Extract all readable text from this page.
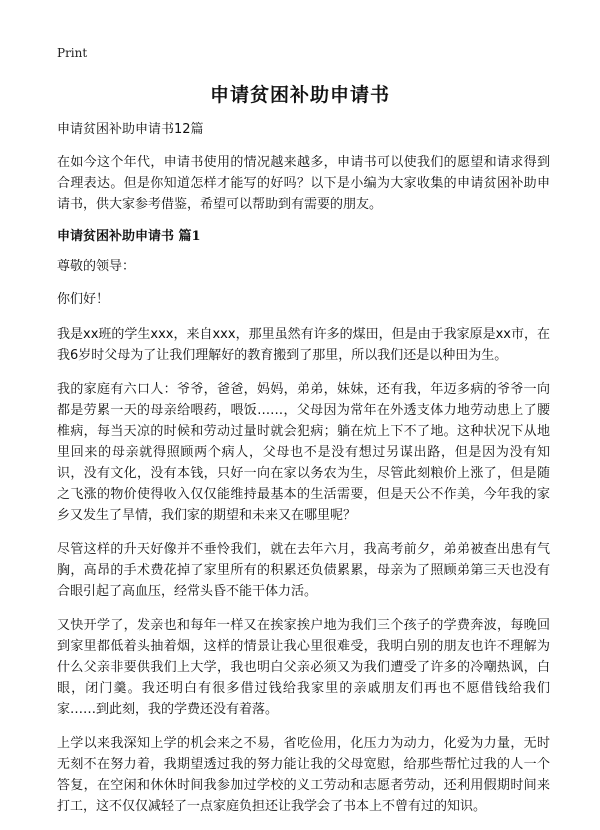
Print
申请贫困补助申请书

申请贫困补助申请书12篇

在如今这个年代，申请书使用的情况越来越多，申请书可以使我们的愿望和请求得到合理表达。但是你知道怎样才能写的好吗？以下是小编为大家收集的申请贫困补助申请书，供大家参考借鉴，希望可以帮助到有需要的朋友。

申请贫困补助申请书 篇1

尊敬的领导：

你们好！

我是xx班的学生xxx，来自xxx，那里虽然有许多的煤田，但是由于我家原是xx市，在我6岁时父母为了让我们理解好的教育搬到了那里，所以我们还是以种田为生。

我的家庭有六口人：爷爷，爸爸，妈妈，弟弟，妹妹，还有我，年迈多病的爷爷一向都是劳累一天的母亲给喂药，喂饭……，父母因为常年在外透支体力地劳动患上了腰椎病，每当天凉的时候和劳动过量时就会犯病；躺在炕上下不了地。这种状况下从地里回来的母亲就得照顾两个病人，父母也不是没有想过另谋出路，但是因为没有知识，没有文化，没有本钱，只好一向在家以务农为生，尽管此刻粮价上涨了，但是随之飞涨的物价使得收入仅仅能维持最基本的生活需要，但是天公不作美，今年我的家乡又发生了旱情，我们家的期望和未来又在哪里呢？

尽管这样的升天好像并不垂怜我们，就在去年六月，我高考前夕，弟弟被查出患有气胸，高昂的手术费花掉了家里所有的积累还负债累累，母亲为了照顾弟第三天也没有合眼引起了高血压，经常头昏不能干体力活。

又快开学了，发亲也和每年一样又在挨家挨户地为我们三个孩子的学费奔波，每晚回到家里都低着头抽着烟，这样的情景让我心里很难受，我明白别的朋友也许不理解为什么父亲非要供我们上大学，我也明白父亲必须又为我们遭受了许多的冷嘲热讽，白眼，闭门羹。我还明白有很多借过钱给我家里的亲戚朋友们再也不愿借钱给我们家……到此刻，我的学费还没有着落。

上学以来我深知上学的机会来之不易，省吃俭用，化压力为动力，化爱为力量，无时无刻不在努力着，我期望透过我的努力能让我的父母宽慰，给那些帮忙过我的人一个答复，在空闲和休休时间我参加过学校的义工劳动和志愿者劳动，还利用假期时间来打工，这不仅仅减轻了一点家庭负担还让我学会了书本上不曾有过的知识。
